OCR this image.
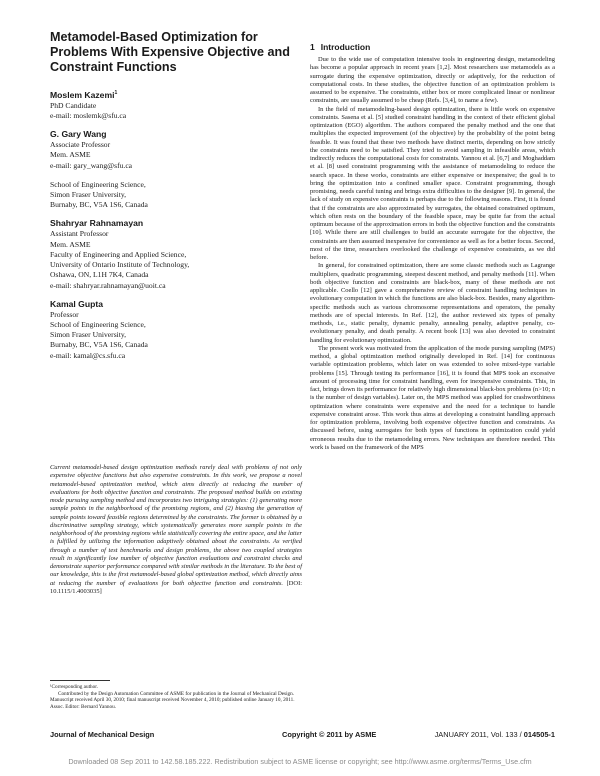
Metamodel-Based Optimization for Problems With Expensive Objective and Constraint Functions
Moslem Kazemi$^1$
PhD Candidate
e-mail: moslemk@sfu.ca
G. Gary Wang
Associate Professor
Mem. ASME
e-mail: gary_wang@sfu.ca
School of Engineering Science,
Simon Fraser University,
Burnaby, BC, V5A 1S6, Canada
Shahryar Rahnamayan
Assistant Professor
Mem. ASME
Faculty of Engineering and Applied Science,
University of Ontario Institute of Technology,
Oshawa, ON, L1H 7K4, Canada
e-mail: shahryar.rahnamayan@uoit.ca
Kamal Gupta
Professor
School of Engineering Science,
Simon Fraser University,
Burnaby, BC, V5A 1S6, Canada
e-mail: kamal@cs.sfu.ca
Current metamodel-based design optimization methods rarely deal with problems of not only expensive objective functions but also expensive constraints. In this work, we propose a novel metamodel-based optimization method, which aims directly at reducing the number of evaluations for both objective function and constraints. The proposed method builds on existing mode pursuing sampling method and incorporates two intriguing strategies: (1) generating more sample points in the neighborhood of the promising regions, and (2) biasing the generation of sample points toward feasible regions determined by the constraints. The former is obtained by a discriminative sampling strategy, which systematically generates more sample points in the neighborhood of the promising regions while statistically covering the entire space, and the latter is fulfilled by utilizing the information adaptively obtained about the constraints. As verified through a number of test benchmarks and design problems, the above two coupled strategies result in significantly low number of objective function evaluations and constraint checks and demonstrate superior performance compared with similar methods in the literature. To the best of our knowledge, this is the first metamodel-based global optimization method, which directly aims at reducing the number of evaluations for both objective function and constraints. [DOI: 10.1115/1.4003035]

¹Corresponding author.

Contributed by the Design Automation Committee of ASME for publication in the Journal of Mechanical Design. Manuscript received April 30, 2010; final manuscript received November 4, 2010; published online January 10, 2011. Assoc. Editor: Bernard Yannou.

1 Introduction

Due to the wide use of computation intensive tools in engineering design, metamodeling has become a popular approach in recent years [1,2]. Most researchers use metamodels as a surrogate during the expensive optimization, directly or adaptively, for the reduction of computational costs. In these studies, the objective function of an optimization problem is assumed to be expensive. The constraints, either box or more complicated linear or nonlinear constraints, are usually assumed to be cheap (Refs. [3,4], to name a few).

In the field of metamodeling-based design optimization, there is little work on expensive constraints. Sasena et al. [5] studied constraint handling in the context of their efficient global optimization (EGO) algorithm. The authors compared the penalty method and the one that multiplies the expected improvement (of the objective) by the probability of the point being feasible. It was found that these two methods have distinct merits, depending on how strictly the constraints need to be satisfied. They tried to avoid sampling in infeasible areas, which indirectly reduces the computational costs for constraints. Yannou et al. [6,7] and Moghaddam et al. [8] used constraint programming with the assistance of metamodeling to reduce the search space. In these works, constraints are either expensive or inexpensive; the goal is to bring the optimization into a confined smaller space. Constraint programming, though promising, needs careful tuning and brings extra difficulties to the designer [9]. In general, the lack of study on expensive constraints is perhaps due to the following reasons. First, it is found that if the constraints are also approximated by surrogates, the obtained constrained optimum, which often rests on the boundary of the feasible space, may be quite far from the actual optimum because of the approximation errors in both the objective function and the constraints [10]. While there are still challenges to build an accurate surrogate for the objective, the constraints are then assumed inexpensive for convenience as well as for a better focus. Second, most of the time, researchers overlooked the challenge of expensive constraints, as we did before.

In general, for constrained optimization, there are some classic methods such as Lagrange multipliers, quadratic programming, steepest descent method, and penalty methods [11]. When both objective function and constraints are black-box, many of these methods are not applicable. Coello [12] gave a comprehensive review of constraint handling techniques in evolutionary computation in which the functions are also black-box. Besides, many algorithm-specific methods such as various chromosome representations and operators, the penalty methods are of special interests. In Ref. [12], the author reviewed six types of penalty methods, i.e., static penalty, dynamic penalty, annealing penalty, adaptive penalty, co-evolutionary penalty, and death penalty. A recent book [13] was also devoted to constraint handling for evolutionary optimization.

The present work was motivated from the application of the mode pursing sampling (MPS) method, a global optimization method originally developed in Ref. [14] for continuous variable optimization problems, which later on was extended to solve mixed-type variable problems [15]. Through testing its performance [16], it is found that MPS took an excessive amount of processing time for constraint handling, even for inexpensive constraints. This, in fact, brings down its performance for relatively high dimensional black-box problems (n>10; n is the number of design variables). Later on, the MPS method was applied for crashworthiness optimization where constraints were expensive and the need for a technique to handle expensive constraint arose. This work thus aims at developing a constraint handling approach for optimization problems, involving both expensive objective function and constraints. As discussed before, using surrogates for both types of functions in optimization could yield erroneous results due to the metamodeling errors. New techniques are therefore needed. This work is based on the framework of the MPS

Journal of Mechanical Design	Copyright © 2011 by ASME	JANUARY 2011, Vol. 133 / 014505-1
Downloaded 08 Sep 2011 to 142.58.185.222. Redistribution subject to ASME license or copyright; see http://www.asme.org/terms/Terms_Use.cfm
